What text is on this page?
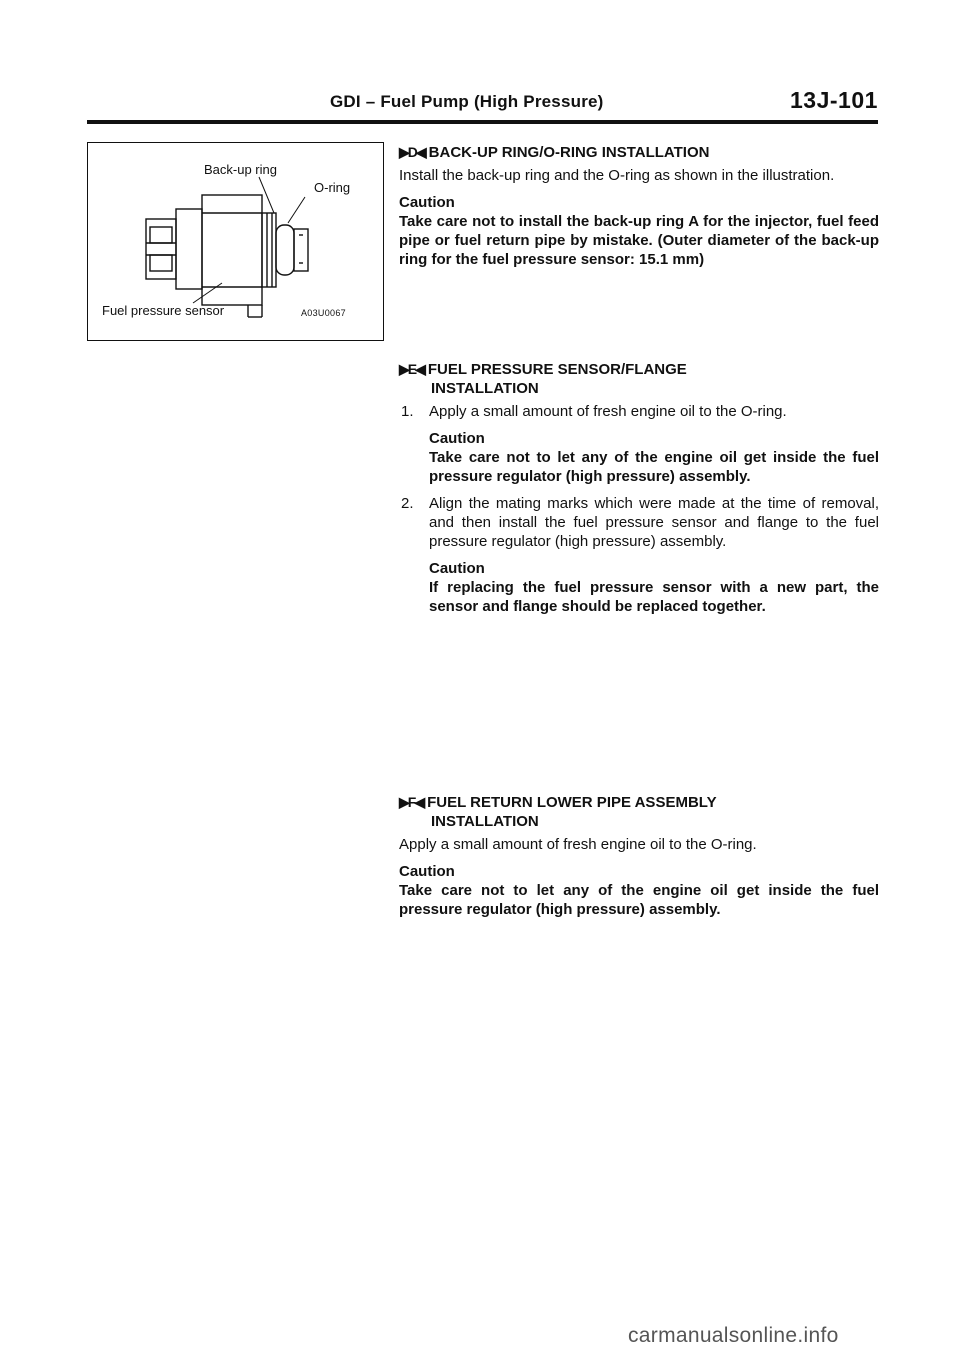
GDI – Fuel Pump (High Pressure)	13J-101
Back-up ring
O-ring
Fuel pressure sensor	A03U0067
▶D◀ BACK-UP RING/O-RING INSTALLATION

Install the back-up ring and the O-ring as shown in the illustration.

Caution
Take care not to install the back-up ring A for the injector, fuel feed pipe or fuel return pipe by mistake. (Outer diameter of the back-up ring for the fuel pressure sensor: 15.1 mm)
▶E◀ FUEL PRESSURE SENSOR/FLANGE
INSTALLATION
1.	Apply a small amount of fresh engine oil to the O-ring.
Caution
Take care not to let any of the engine oil get inside the fuel pressure regulator (high pressure) assembly.
2.	Align the mating marks which were made at the time of removal, and then install the fuel pressure sensor and flange to the fuel pressure regulator (high pressure) assembly.
Caution
If replacing the fuel pressure sensor with a new part, the sensor and flange should be replaced together.
▶F◀ FUEL RETURN LOWER PIPE ASSEMBLY
INSTALLATION

Apply a small amount of fresh engine oil to the O-ring.

Caution
Take care not to let any of the engine oil get inside the fuel pressure regulator (high pressure) assembly.
carmanualsonline.info
